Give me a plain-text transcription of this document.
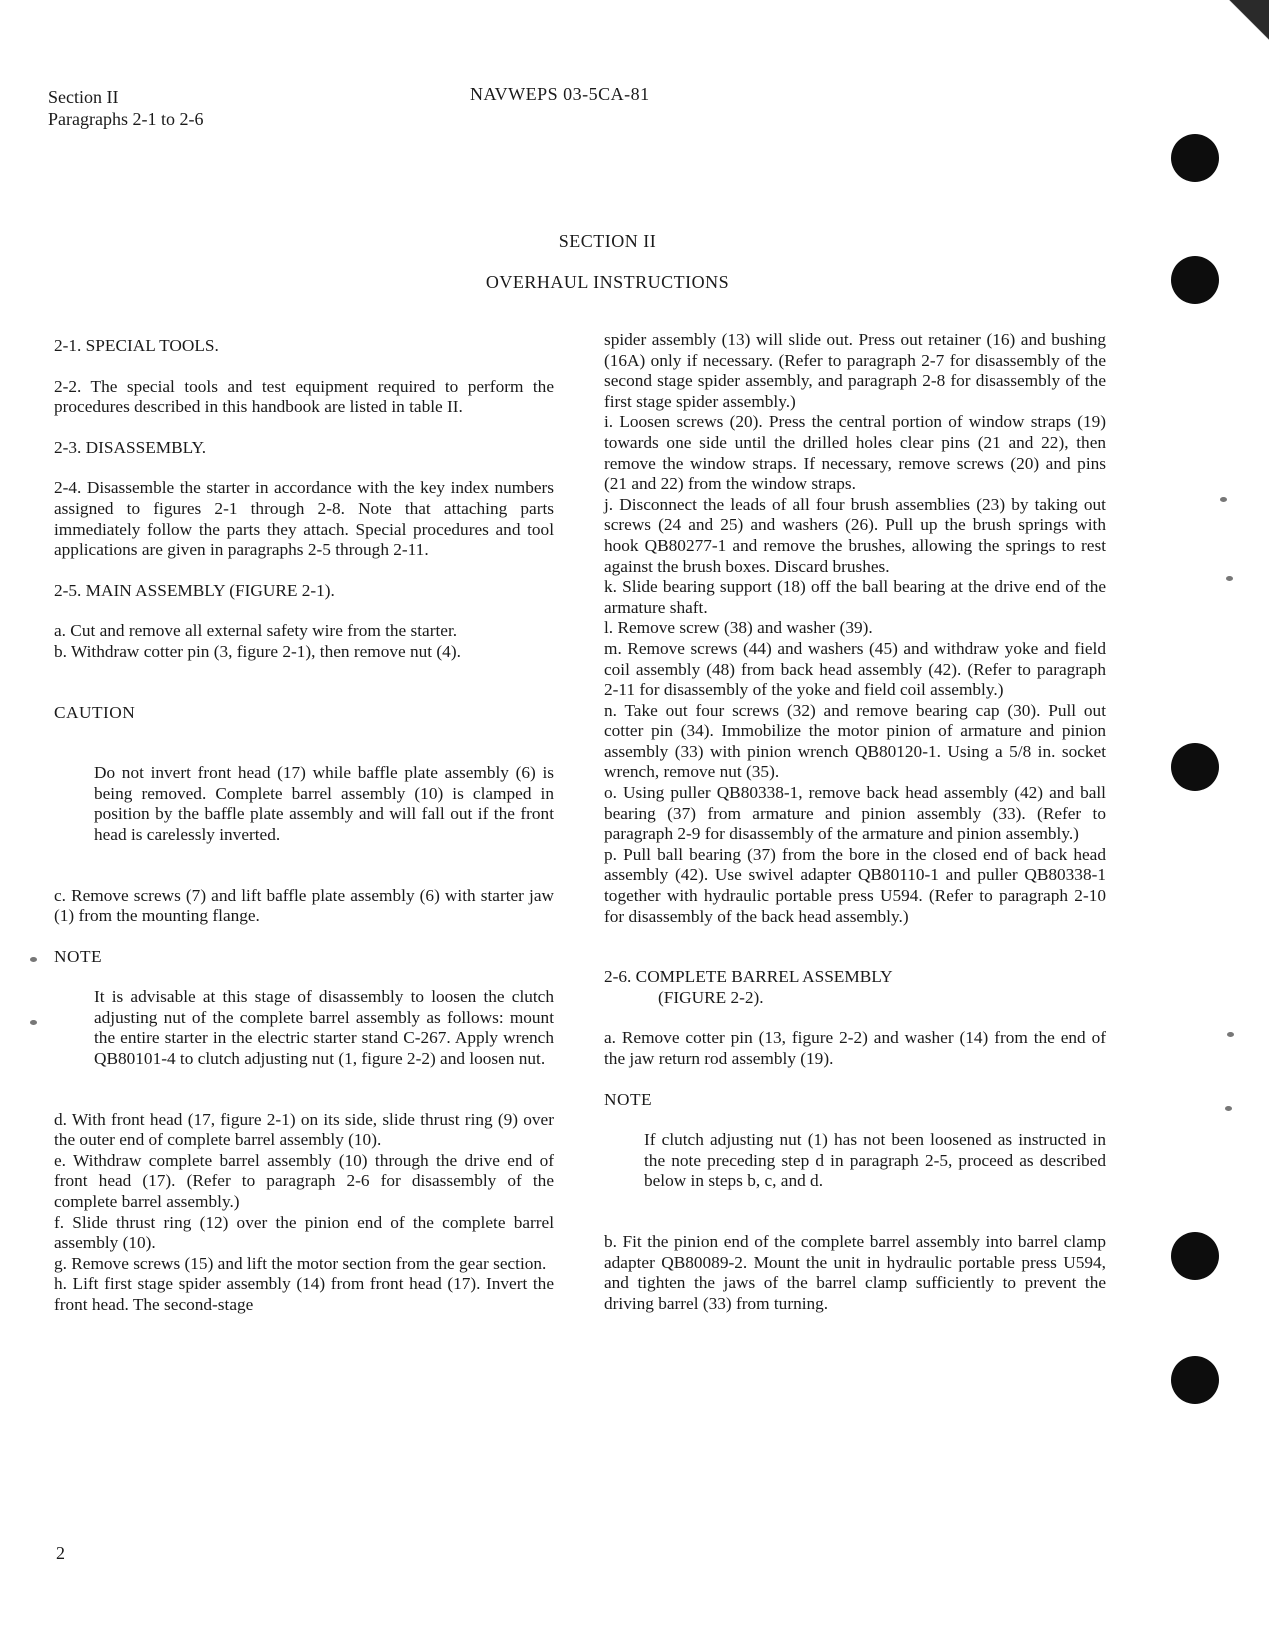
Section II
Paragraphs 2-1 to 2-6
NAVWEPS 03-5CA-81
SECTION II
OVERHAUL INSTRUCTIONS

2-1. SPECIAL TOOLS.

2-2. The special tools and test equipment required to perform the procedures described in this handbook are listed in table II.

2-3. DISASSEMBLY.

2-4. Disassemble the starter in accordance with the key index numbers assigned to figures 2-1 through 2-8. Note that attaching parts immediately follow the parts they attach. Special procedures and tool applications are given in paragraphs 2-5 through 2-11.

2-5. MAIN ASSEMBLY (FIGURE 2-1).

a. Cut and remove all external safety wire from the starter.

b. Withdraw cotter pin (3, figure 2-1), then remove nut (4).

CAUTION

Do not invert front head (17) while baffle plate assembly (6) is being removed. Complete barrel assembly (10) is clamped in position by the baffle plate assembly and will fall out if the front head is carelessly inverted.

c. Remove screws (7) and lift baffle plate assembly (6) with starter jaw (1) from the mounting flange.

NOTE

It is advisable at this stage of disassembly to loosen the clutch adjusting nut of the complete barrel assembly as follows: mount the entire starter in the electric starter stand C-267. Apply wrench QB80101-4 to clutch adjusting nut (1, figure 2-2) and loosen nut.

d. With front head (17, figure 2-1) on its side, slide thrust ring (9) over the outer end of complete barrel assembly (10).

e. Withdraw complete barrel assembly (10) through the drive end of front head (17). (Refer to paragraph 2-6 for disassembly of the complete barrel assembly.)

f. Slide thrust ring (12) over the pinion end of the complete barrel assembly (10).

g. Remove screws (15) and lift the motor section from the gear section.

h. Lift first stage spider assembly (14) from front head (17). Invert the front head. The second-stage

spider assembly (13) will slide out. Press out retainer (16) and bushing (16A) only if necessary. (Refer to paragraph 2-7 for disassembly of the second stage spider assembly, and paragraph 2-8 for disassembly of the first stage spider assembly.)

i. Loosen screws (20). Press the central portion of window straps (19) towards one side until the drilled holes clear pins (21 and 22), then remove the window straps. If necessary, remove screws (20) and pins (21 and 22) from the window straps.

j. Disconnect the leads of all four brush assemblies (23) by taking out screws (24 and 25) and washers (26). Pull up the brush springs with hook QB80277-1 and remove the brushes, allowing the springs to rest against the brush boxes. Discard brushes.

k. Slide bearing support (18) off the ball bearing at the drive end of the armature shaft.

l. Remove screw (38) and washer (39).

m. Remove screws (44) and washers (45) and withdraw yoke and field coil assembly (48) from back head assembly (42). (Refer to paragraph 2-11 for disassembly of the yoke and field coil assembly.)

n. Take out four screws (32) and remove bearing cap (30). Pull out cotter pin (34). Immobilize the motor pinion of armature and pinion assembly (33) with pinion wrench QB80120-1. Using a 5/8 in. socket wrench, remove nut (35).

o. Using puller QB80338-1, remove back head assembly (42) and ball bearing (37) from armature and pinion assembly (33). (Refer to paragraph 2-9 for disassembly of the armature and pinion assembly.)

p. Pull ball bearing (37) from the bore in the closed end of back head assembly (42). Use swivel adapter QB80110-1 and puller QB80338-1 together with hydraulic portable press U594. (Refer to paragraph 2-10 for disassembly of the back head assembly.)

2-6. COMPLETE BARREL ASSEMBLY

(FIGURE 2-2).

a. Remove cotter pin (13, figure 2-2) and washer (14) from the end of the jaw return rod assembly (19).

NOTE

If clutch adjusting nut (1) has not been loosened as instructed in the note preceding step d in paragraph 2-5, proceed as described below in steps b, c, and d.

b. Fit the pinion end of the complete barrel assembly into barrel clamp adapter QB80089-2. Mount the unit in hydraulic portable press U594, and tighten the jaws of the barrel clamp sufficiently to prevent the driving barrel (33) from turning.

2
